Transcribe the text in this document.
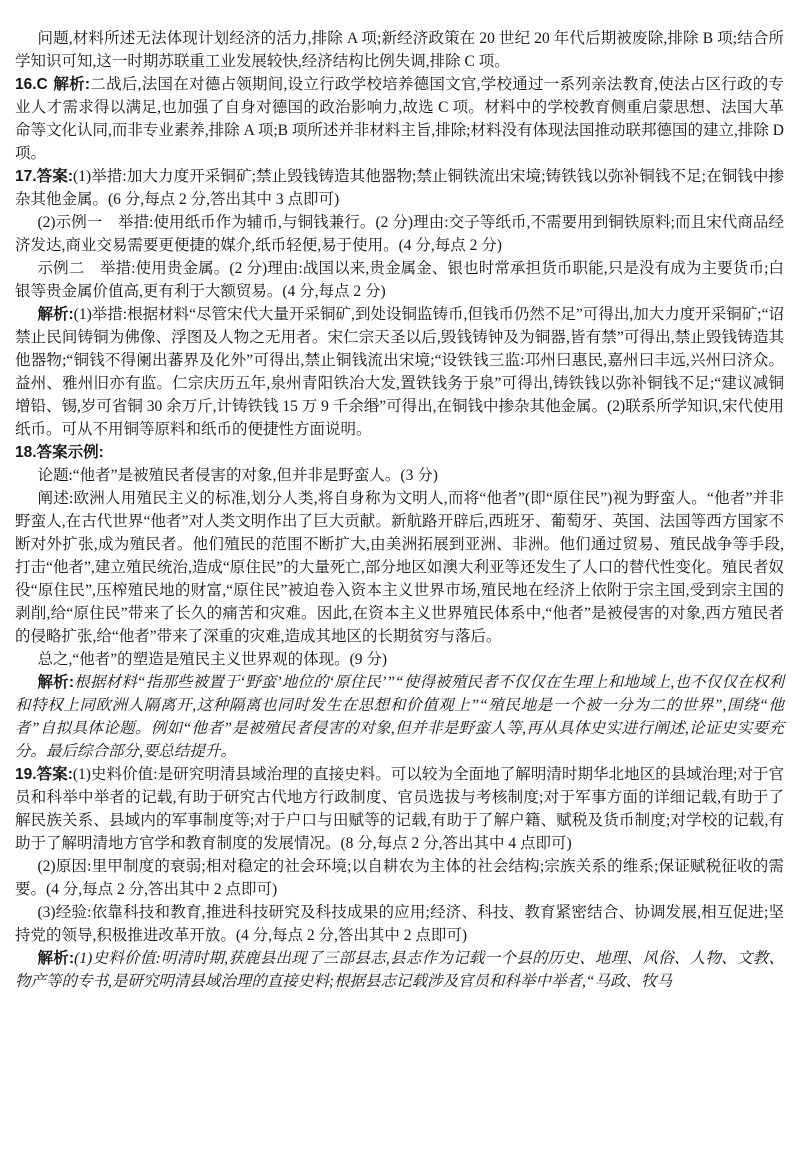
问题,材料所述无法体现计划经济的活力,排除 A 项;新经济政策在 20 世纪 20 年代后期被废除,排除 B 项;结合所学知识可知,这一时期苏联重工业发展较快,经济结构比例失调,排除 C 项。

16.C 解析:二战后,法国在对德占领期间,设立行政学校培养德国文官,学校通过一系列亲法教育,使法占区行政的专业人才需求得以满足,也加强了自身对德国的政治影响力,故选 C 项。材料中的学校教育侧重启蒙思想、法国大革命等文化认同,而非专业素养,排除 A 项;B 项所述并非材料主旨,排除;材料没有体现法国推动联邦德国的建立,排除 D 项。

17.答案:(1)举措:加大力度开采铜矿;禁止毁钱铸造其他器物;禁止铜铁流出宋境;铸铁钱以弥补铜钱不足;在铜钱中掺杂其他金属。(6 分,每点 2 分,答出其中 3 点即可)

(2)示例一　举措:使用纸币作为辅币,与铜钱兼行。(2 分)理由:交子等纸币,不需要用到铜铁原料;而且宋代商品经济发达,商业交易需要更便捷的媒介,纸币轻便,易于使用。(4 分,每点 2 分)

示例二　举措:使用贵金属。(2 分)理由:战国以来,贵金属金、银也时常承担货币职能,只是没有成为主要货币;白银等贵金属价值高,更有利于大额贸易。(4 分,每点 2 分)

解析:(1)举措:根据材料“尽管宋代大量开采铜矿,到处设铜监铸币,但钱币仍然不足”可得出,加大力度开采铜矿;“诏禁止民间铸铜为佛像、浮图及人物之无用者。宋仁宗天圣以后,毁钱铸钟及为铜器,皆有禁”可得出,禁止毁钱铸造其他器物;“铜钱不得阑出蕃界及化外”可得出,禁止铜钱流出宋境;“设铁钱三监:邛州曰惠民,嘉州曰丰远,兴州曰济众。益州、雅州旧亦有监。仁宗庆历五年,泉州青阳铁冶大发,置铁钱务于泉”可得出,铸铁钱以弥补铜钱不足;“建议减铜增铅、锡,岁可省铜 30 余万斤,计铸铁钱 15 万 9 千余缗”可得出,在铜钱中掺杂其他金属。(2)联系所学知识,宋代使用纸币。可从不用铜等原料和纸币的便捷性方面说明。

18.答案示例:

论题:“他者”是被殖民者侵害的对象,但并非是野蛮人。(3 分)

阐述:欧洲人用殖民主义的标准,划分人类,将自身称为文明人,而将“他者”(即“原住民”)视为野蛮人。“他者”并非野蛮人,在古代世界“他者”对人类文明作出了巨大贡献。新航路开辟后,西班牙、葡萄牙、英国、法国等西方国家不断对外扩张,成为殖民者。他们殖民的范围不断扩大,由美洲拓展到亚洲、非洲。他们通过贸易、殖民战争等手段,打击“他者”,建立殖民统治,造成“原住民”的大量死亡,部分地区如澳大利亚等还发生了人口的替代性变化。殖民者奴役“原住民”,压榨殖民地的财富,“原住民”被迫卷入资本主义世界市场,殖民地在经济上依附于宗主国,受到宗主国的剥削,给“原住民”带来了长久的痛苦和灾难。因此,在资本主义世界殖民体系中,“他者”是被侵害的对象,西方殖民者的侵略扩张,给“他者”带来了深重的灾难,造成其地区的长期贫穷与落后。

总之,“他者”的塑造是殖民主义世界观的体现。(9 分)

解析:根据材料“指那些被置于‘野蛮’地位的‘原住民’”“使得被殖民者不仅仅在生理上和地域上,也不仅仅在权利和特权上同欧洲人隔离开,这种隔离也同时发生在思想和价值观上”“殖民地是一个被一分为二的世界”,围绕“他者”自拟具体论题。例如“他者”是被殖民者侵害的对象,但并非是野蛮人等,再从具体史实进行阐述,论证史实要充分。最后综合部分,要总结提升。

19.答案:(1)史料价值:是研究明清县域治理的直接史料。可以较为全面地了解明清时期华北地区的县域治理;对于官员和科举中举者的记载,有助于研究古代地方行政制度、官员选拔与考核制度;对于军事方面的详细记载,有助于了解民族关系、县域内的军事制度等;对于户口与田赋等的记载,有助于了解户籍、赋税及货币制度;对学校的记载,有助于了解明清地方官学和教育制度的发展情况。(8 分,每点 2 分,答出其中 4 点即可)

(2)原因:里甲制度的衰弱;相对稳定的社会环境;以自耕农为主体的社会结构;宗族关系的维系;保证赋税征收的需要。(4 分,每点 2 分,答出其中 2 点即可)

(3)经验:依靠科技和教育,推进科技研究及科技成果的应用;经济、科技、教育紧密结合、协调发展,相互促进;坚持党的领导,积极推进改革开放。(4 分,每点 2 分,答出其中 2 点即可)

解析:(1)史料价值:明清时期,获鹿县出现了三部县志,县志作为记载一个县的历史、地理、风俗、人物、文教、物产等的专书,是研究明清县域治理的直接史料;根据县志记载涉及官员和科举中举者,“马政、牧马
